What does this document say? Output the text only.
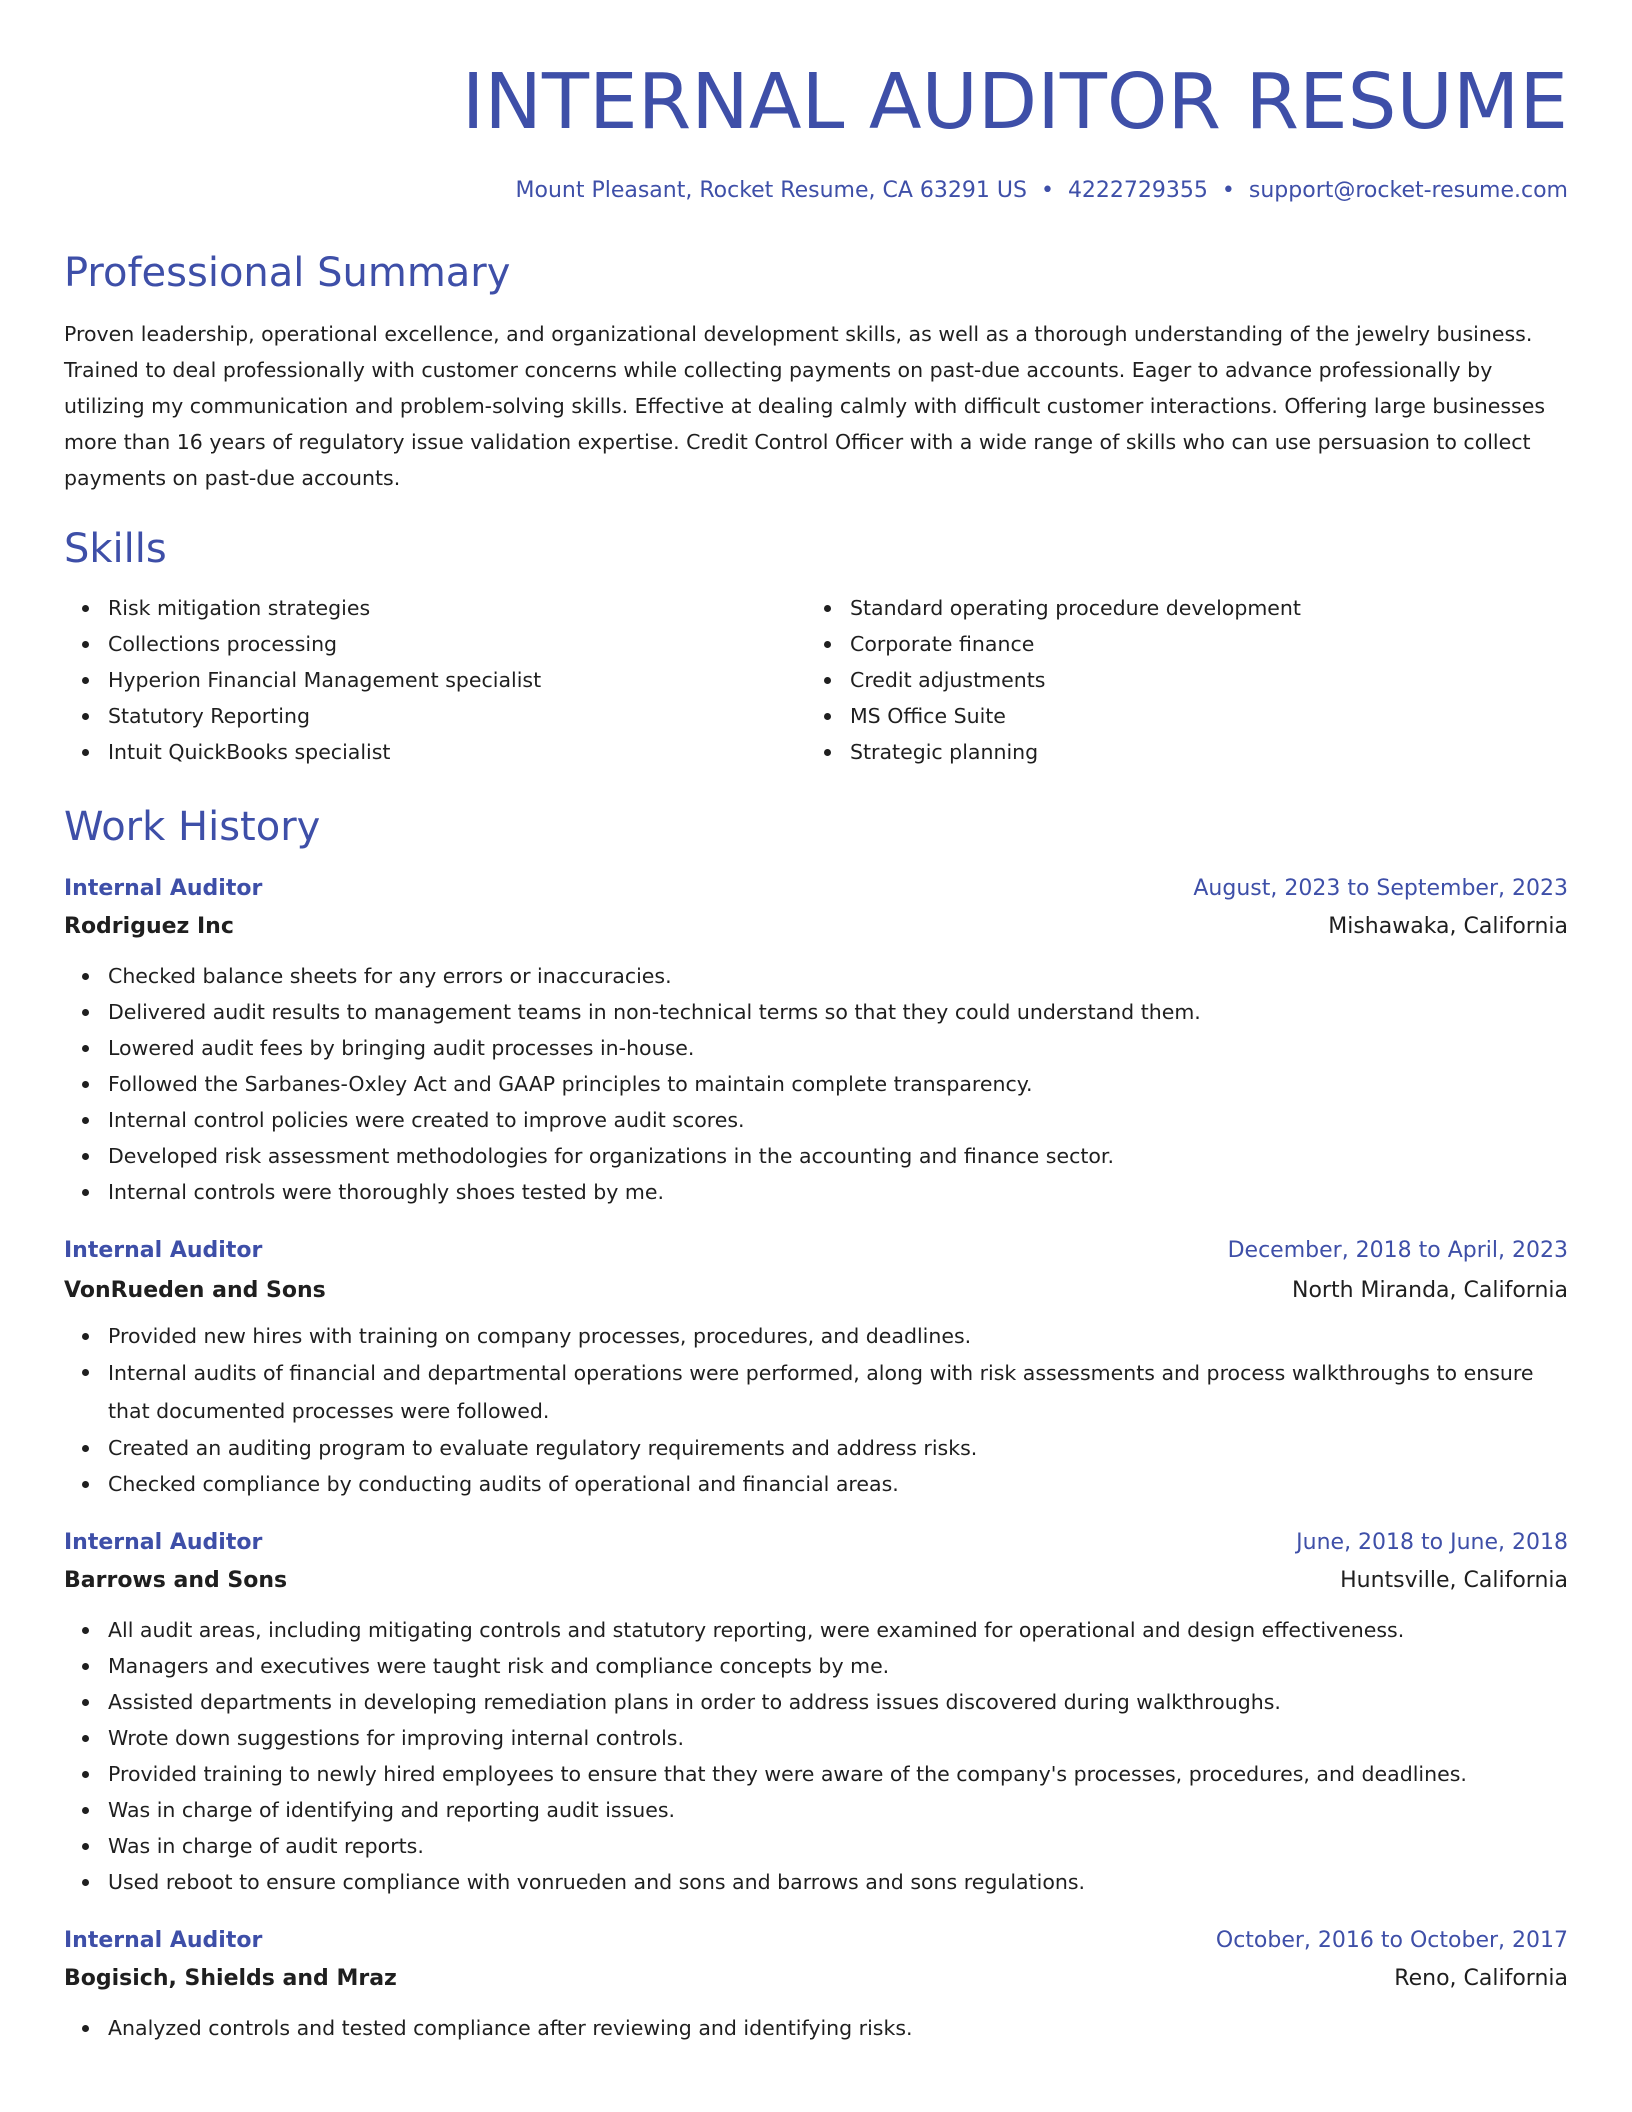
INTERNAL AUDITOR RESUME
Mount Pleasant, Rocket Resume, CA 63291 US • 4222729355 • support@rocket-resume.com
Professional Summary

Proven leadership, operational excellence, and organizational development skills, as well as a thorough understanding of the jewelry business. Trained to deal professionally with customer concerns while collecting payments on past-due accounts. Eager to advance professionally by utilizing my communication and problem-solving skills. Effective at dealing calmly with difficult customer interactions. Offering large businesses more than 16 years of regulatory issue validation expertise. Credit Control Officer with a wide range of skills who can use persuasion to collect payments on past-due accounts.

Skills
Risk mitigation strategies
Collections processing
Hyperion Financial Management specialist
Statutory Reporting
Intuit QuickBooks specialist
Standard operating procedure development
Corporate finance
Credit adjustments
MS Office Suite
Strategic planning
Work History
Internal Auditor	August, 2023 to September, 2023
Rodriguez Inc	Mishawaka, California
Checked balance sheets for any errors or inaccuracies.
Delivered audit results to management teams in non-technical terms so that they could understand them.
Lowered audit fees by bringing audit processes in-house.
Followed the Sarbanes-Oxley Act and GAAP principles to maintain complete transparency.
Internal control policies were created to improve audit scores.
Developed risk assessment methodologies for organizations in the accounting and finance sector.
Internal controls were thoroughly shoes tested by me.
Internal Auditor	December, 2018 to April, 2023
VonRueden and Sons	North Miranda, California
Provided new hires with training on company processes, procedures, and deadlines.
Internal audits of financial and departmental operations were performed, along with risk assessments and process walkthroughs to ensure that documented processes were followed.
Created an auditing program to evaluate regulatory requirements and address risks.
Checked compliance by conducting audits of operational and financial areas.
Internal Auditor	June, 2018 to June, 2018
Barrows and Sons	Huntsville, California
All audit areas, including mitigating controls and statutory reporting, were examined for operational and design effectiveness.
Managers and executives were taught risk and compliance concepts by me.
Assisted departments in developing remediation plans in order to address issues discovered during walkthroughs.
Wrote down suggestions for improving internal controls.
Provided training to newly hired employees to ensure that they were aware of the company's processes, procedures, and deadlines.
Was in charge of identifying and reporting audit issues.
Was in charge of audit reports.
Used reboot to ensure compliance with vonrueden and sons and barrows and sons regulations.
Internal Auditor	October, 2016 to October, 2017
Bogisich, Shields and Mraz	Reno, California
Analyzed controls and tested compliance after reviewing and identifying risks.
